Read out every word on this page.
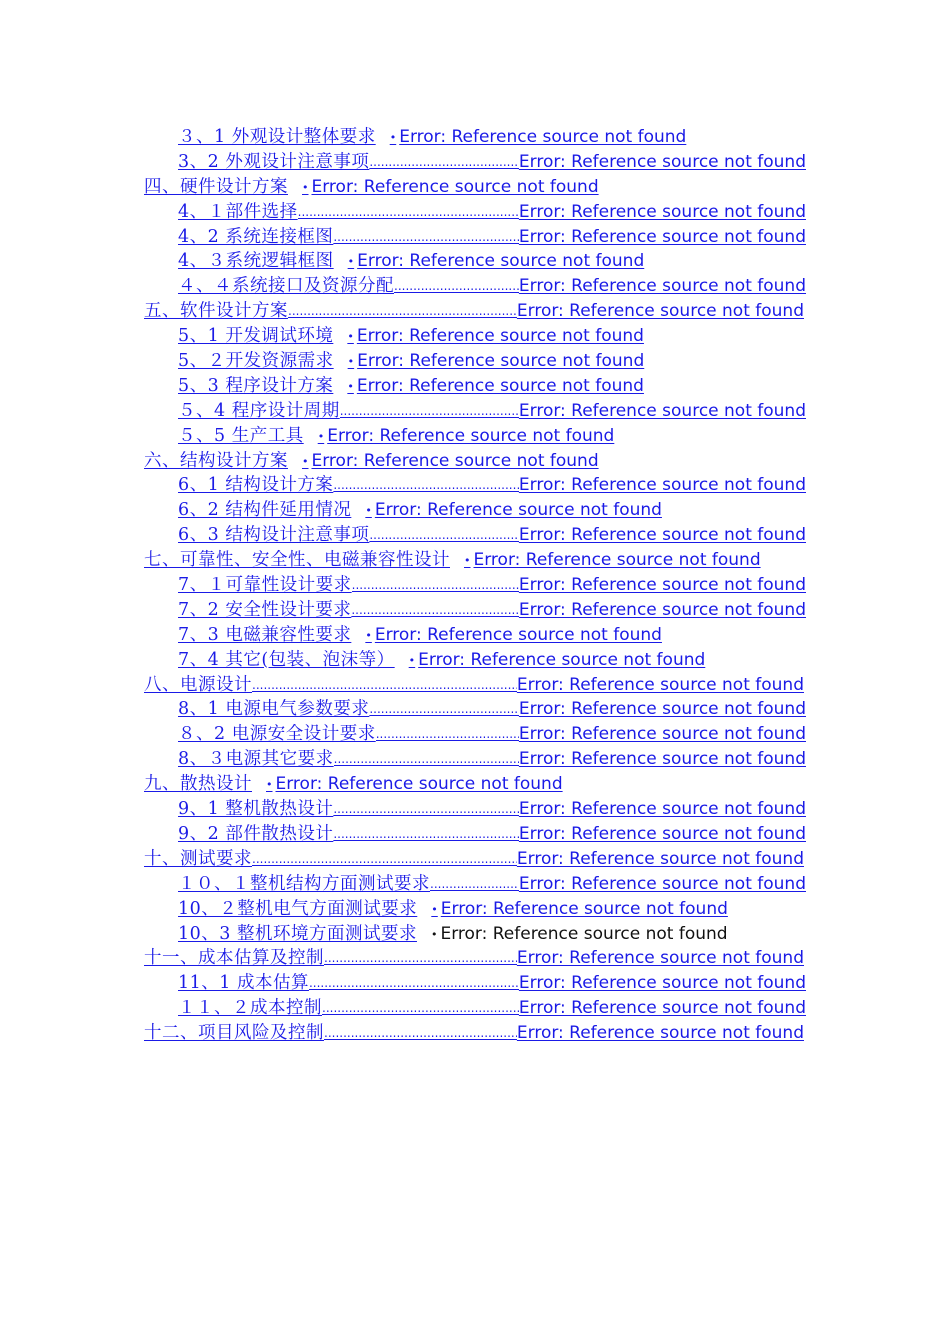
３、1 外观设计整体要求 • Error: Reference source not found
3、2 外观设计注意事项 .....	Error: Reference source not found
四、硬件设计方案 • Error: Reference source not found
4、１部件选择 .....	Error: Reference source not found
4、2 系统连接框图 .....	Error: Reference source not found
4、３系统逻辑框图 • Error: Reference source not found
４、４系统接口及资源分配 .....	Error: Reference source not found
五、软件设计方案 .....	Error: Reference source not found
5、1 开发调试环境 • Error: Reference source not found
5、２开发资源需求 • Error: Reference source not found
5、3 程序设计方案 • Error: Reference source not found
５、4 程序设计周期 .....	Error: Reference source not found
５、5 生产工具 • Error: Reference source not found
六、结构设计方案 • Error: Reference source not found
6、1 结构设计方案 .....	Error: Reference source not found
6、2 结构件延用情况 • Error: Reference source not found
6、3 结构设计注意事项 .....	Error: Reference source not found
七、可靠性、安全性、电磁兼容性设计 • Error: Reference source not found
7、１可靠性设计要求 .....	Error: Reference source not found
7、2 安全性设计要求 .....	Error: Reference source not found
7、3 电磁兼容性要求 • Error: Reference source not found
7、4 其它(包装、泡沫等） • Error: Reference source not found
八、电源设计 .....	Error: Reference source not found
8、1 电源电气参数要求 .....	Error: Reference source not found
８、2 电源安全设计要求 .....	Error: Reference source not found
8、３电源其它要求 .....	Error: Reference source not found
九、散热设计 • Error: Reference source not found
9、1 整机散热设计 .....	Error: Reference source not found
9、2 部件散热设计 .....	Error: Reference source not found
十、测试要求 .....	Error: Reference source not found
１０、１整机结构方面测试要求 .....	Error: Reference source not found
10、２整机电气方面测试要求 • Error: Reference source not found
10、3 整机环境方面测试要求 • Error: Reference source not found
十一、成本估算及控制 .....	Error: Reference source not found
11、1 成本估算 .....	Error: Reference source not found
１１、２成本控制 .....	Error: Reference source not found
十二、项目风险及控制 .....	Error: Reference source not found
